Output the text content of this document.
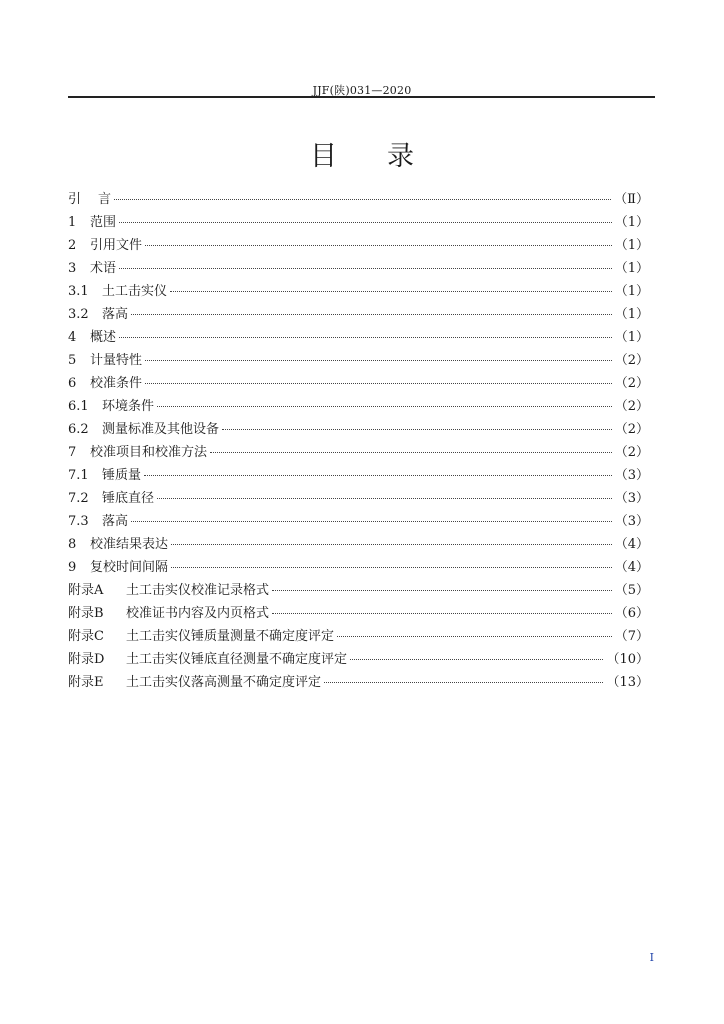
JJF(陕)031—2020
目录
引	言	（Ⅱ）
1	范围	（1）
2	引用文件	（1）
3	术语	（1）
3.1	土工击实仪	（1）
3.2	落高	（1）
4	概述	（1）
5	计量特性	（2）
6	校准条件	（2）
6.1	环境条件	（2）
6.2	测量标准及其他设备	（2）
7	校准项目和校准方法	（2）
7.1	锤质量	（3）
7.2	锤底直径	（3）
7.3	落高	（3）
8	校准结果表达	（4）
9	复校时间间隔	（4）
附录A	土工击实仪校准记录格式	（5）
附录B	校准证书内容及内页格式	（6）
附录C	土工击实仪锤质量测量不确定度评定	（7）
附录D	土工击实仪锤底直径测量不确定度评定	（10）
附录E	土工击实仪落高测量不确定度评定	（13）
I
